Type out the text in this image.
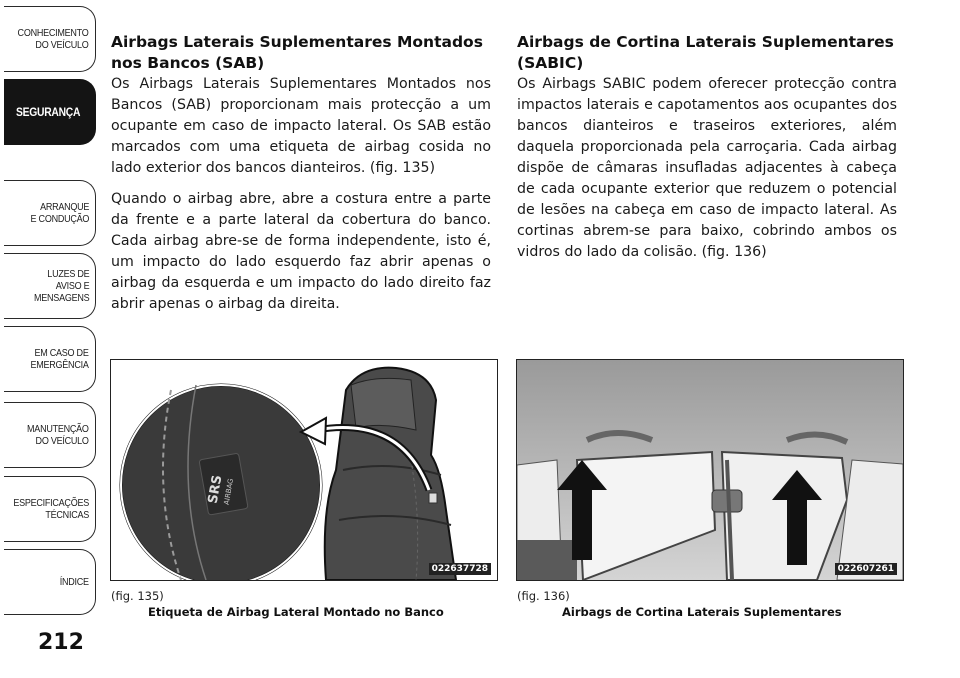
CONHECIMENTO
DO VEÍCULO
SEGURANÇA
ARRANQUE
E CONDUÇÃO
LUZES DE
AVISO E
MENSAGENS
EM CASO DE
EMERGÊNCIA
MANUTENÇÃO
DO VEÍCULO
ESPECIFICAÇÕES
TÉCNICAS
ÍNDICE
212
Airbags Laterais Suplementares Montados nos Bancos (SAB)

Os Airbags Laterais Suplementares Montados nos Bancos (SAB) proporcionam mais protecção a um ocupante em caso de impacto lateral. Os SAB estão marcados com uma etiqueta de airbag cosida no lado exterior dos bancos dianteiros. (fig. 135)

Quando o airbag abre, abre a costura entre a parte da frente e a parte lateral da cobertura do banco. Cada airbag abre-se de forma independente, isto é, um impacto do lado esquerdo faz abrir apenas o airbag da esquerda e um impacto do lado direito faz abrir apenas o airbag da direita.

Airbags de Cortina Laterais Suplementares (SABIC)

Os Airbags SABIC podem oferecer protecção contra impactos laterais e capotamentos aos ocupantes dos bancos dianteiros e traseiros exteriores, além daquela proporcionada pela carroçaria. Cada airbag dispõe de câmaras insufladas adjacentes à cabeça de cada ocupante exterior que reduzem o potencial de lesões na cabeça em caso de impacto lateral. As cortinas abrem-se para baixo, cobrindo ambos os vidros do lado da colisão. (fig. 136)

SRS
AIRBAG
022637728	022607261
(fig. 135)
Etiqueta de Airbag Lateral Montado no Banco
(fig. 136)
Airbags de Cortina Laterais Suplementares
